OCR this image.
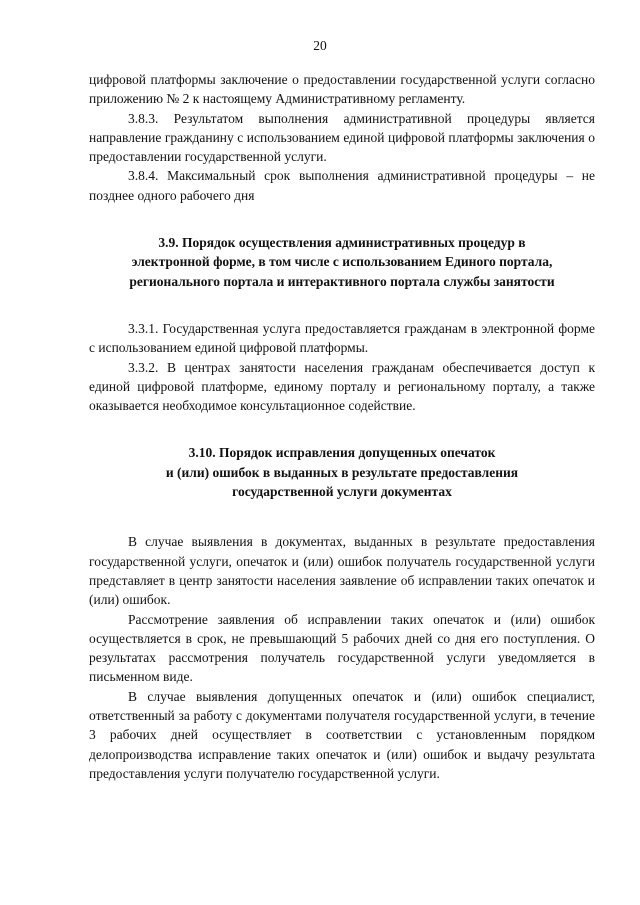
20

цифровой платформы заключение о предоставлении государственной услуги согласно приложению № 2 к настоящему Административному регламенту.

3.8.3. Результатом выполнения административной процедуры является направление гражданину с использованием единой цифровой платформы заключения о предоставлении государственной услуги.

3.8.4. Максимальный срок выполнения административной процедуры – не позднее одного рабочего дня

3.9. Порядок осуществления административных процедур в
электронной форме, в том числе с использованием Единого портала,
регионального портала и интерактивного портала службы занятости

3.3.1. Государственная услуга предоставляется гражданам в электронной форме с использованием единой цифровой платформы.

3.3.2. В центрах занятости населения гражданам обеспечивается доступ к единой цифровой платформе, единому порталу и региональному порталу, а также оказывается необходимое консультационное содействие.

3.10. Порядок исправления допущенных опечаток
и (или) ошибок в выданных в результате предоставления
государственной услуги документах

В случае выявления в документах, выданных в результате предоставления государственной услуги, опечаток и (или) ошибок получатель государственной услуги представляет в центр занятости населения заявление об исправлении таких опечаток и (или) ошибок.

Рассмотрение заявления об исправлении таких опечаток и (или) ошибок осуществляется в срок, не превышающий 5 рабочих дней со дня его поступления. О результатах рассмотрения получатель государственной услуги уведомляется в письменном виде.

В случае выявления допущенных опечаток и (или) ошибок специалист, ответственный за работу с документами получателя государственной услуги, в течение 3 рабочих дней осуществляет в соответствии с установленным порядком делопроизводства исправление таких опечаток и (или) ошибок и выдачу результата предоставления услуги получателю государственной услуги.
